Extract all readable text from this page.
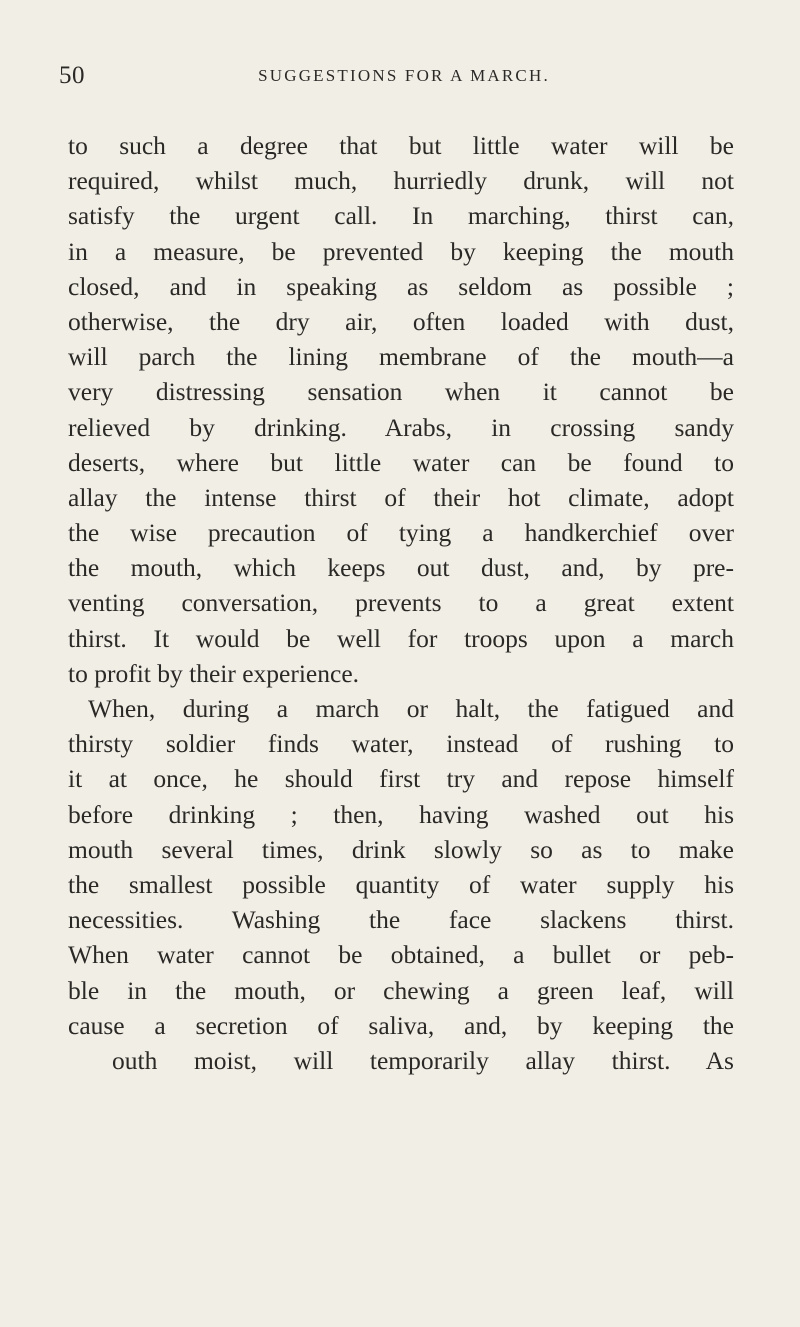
50	SUGGESTIONS FOR A MARCH.
to such a degree that but little water will be
required, whilst much, hurriedly drunk, will not
satisfy the urgent call. In marching, thirst can,
in a measure, be prevented by keeping the mouth
closed, and in speaking as seldom as possible ;
otherwise, the dry air, often loaded with dust,
will parch the lining membrane of the mouth—a
very distressing sensation when it cannot be
relieved by drinking. Arabs, in crossing sandy
deserts, where but little water can be found to
allay the intense thirst of their hot climate, adopt
the wise precaution of tying a handkerchief over
the mouth, which keeps out dust, and, by pre-
venting conversation, prevents to a great extent
thirst. It would be well for troops upon a march
to profit by their experience.
When, during a march or halt, the fatigued and
thirsty soldier finds water, instead of rushing to
it at once, he should first try and repose himself
before drinking ; then, having washed out his
mouth several times, drink slowly so as to make
the smallest possible quantity of water supply his
necessities. Washing the face slackens thirst.
When water cannot be obtained, a bullet or peb-
ble in the mouth, or chewing a green leaf, will
cause a secretion of saliva, and, by keeping the
outh moist, will temporarily allay thirst. As
